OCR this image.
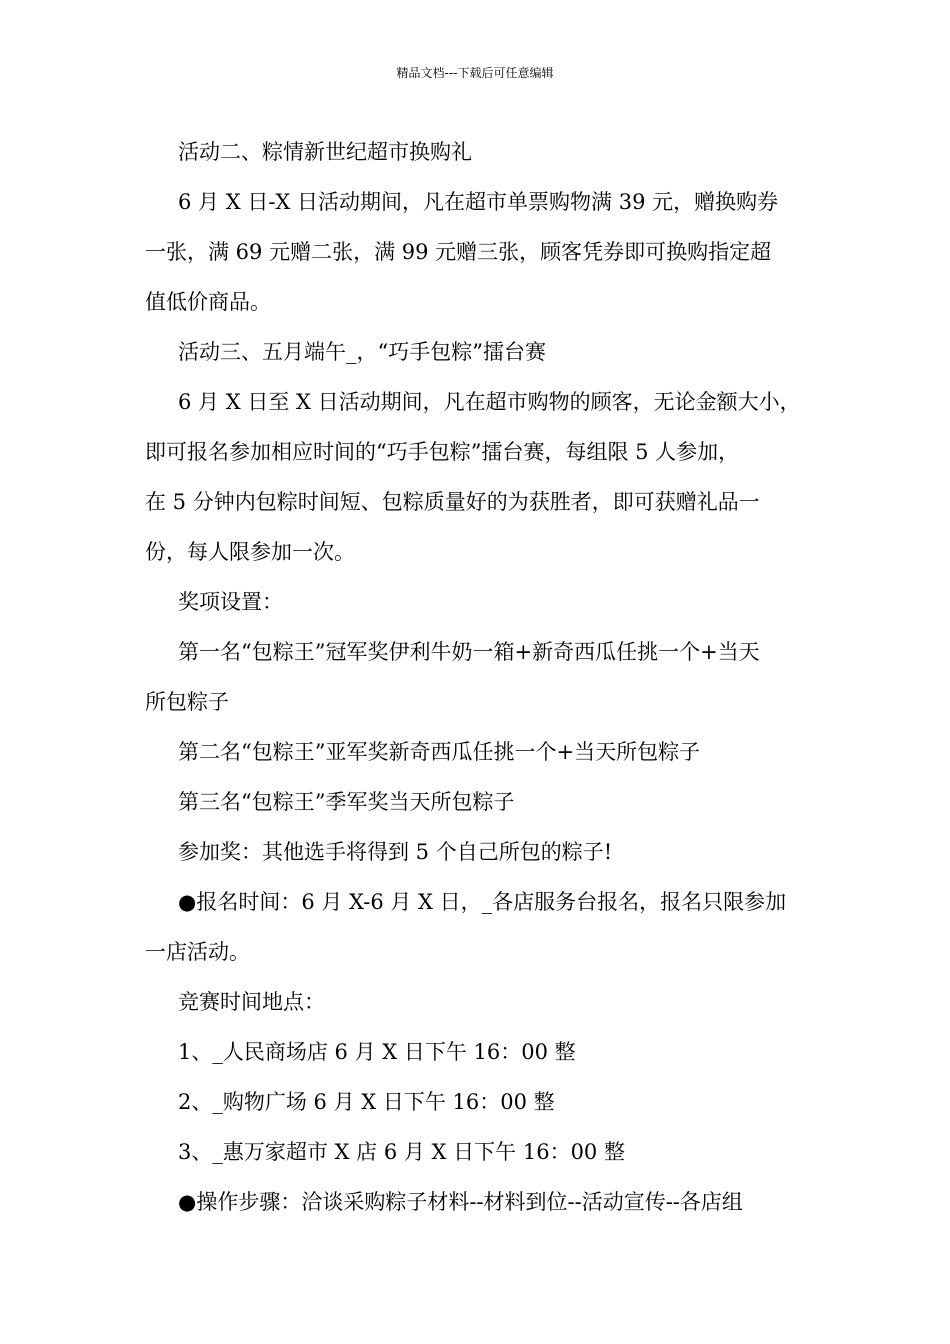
精品文档---下载后可任意编辑
活动二、粽情新世纪超市换购礼
6 月 X 日-X 日活动期间，凡在超市单票购物满 39 元，赠换购券
一张，满 69 元赠二张，满 99 元赠三张，顾客凭券即可换购指定超
值低价商品。
活动三、五月端午_，“巧手包粽”擂台赛
6 月 X 日至 X 日活动期间，凡在超市购物的顾客，无论金额大小，
即可报名参加相应时间的“巧手包粽”擂台赛，每组限 5 人参加，
在 5 分钟内包粽时间短、包粽质量好的为获胜者，即可获赠礼品一
份，每人限参加一次。
奖项设置：
第一名“包粽王”冠军奖伊利牛奶一箱+新奇西瓜任挑一个+当天
所包粽子
第二名“包粽王”亚军奖新奇西瓜任挑一个+当天所包粽子
第三名“包粽王”季军奖当天所包粽子
参加奖：其他选手将得到 5 个自己所包的粽子!
●报名时间：6 月 X-6 月 X 日，_各店服务台报名，报名只限参加
一店活动。
竞赛时间地点：
1、_人民商场店 6 月 X 日下午 16：00 整
2、_购物广场 6 月 X 日下午 16：00 整
3、_惠万家超市 X 店 6 月 X 日下午 16：00 整
●操作步骤：洽谈采购粽子材料--材料到位--活动宣传--各店组
